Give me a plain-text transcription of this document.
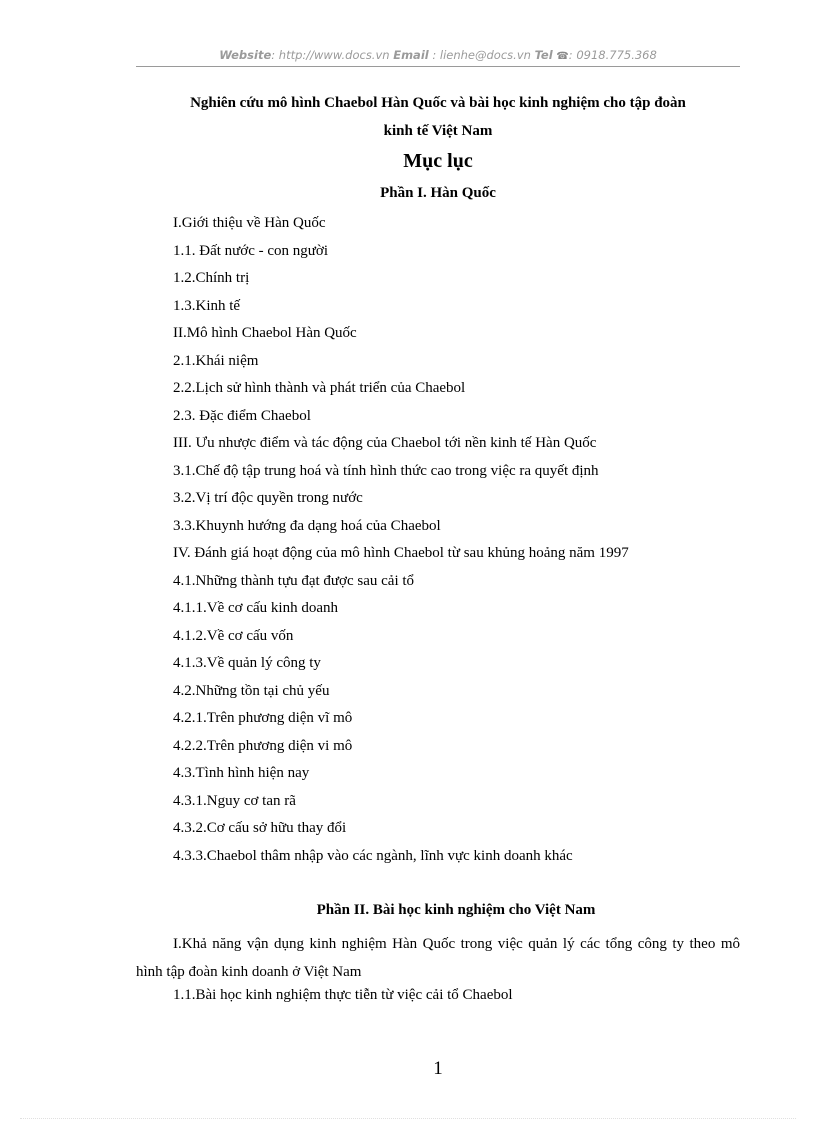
Website: http://www.docs.vn Email : lienhe@docs.vn Tel ☎: 0918.775.368
Nghiên cứu mô hình Chaebol Hàn Quốc và bài học kinh nghiệm cho tập đoàn
kinh tế Việt Nam
Mục lục
Phần I. Hàn Quốc
I.Giới thiệu về Hàn Quốc
1.1. Đất nước - con người
1.2.Chính trị
1.3.Kinh tế
II.Mô hình Chaebol Hàn Quốc
2.1.Khái niệm
2.2.Lịch sử hình thành và phát triển của Chaebol
2.3. Đặc điểm Chaebol
III. Ưu nhược điểm và tác động của Chaebol tới nền kinh tế Hàn Quốc
3.1.Chế độ tập trung hoá và tính hình thức cao trong việc ra quyết định
3.2.Vị trí độc quyền trong nước
3.3.Khuynh hướng đa dạng hoá của Chaebol
IV. Đánh giá hoạt động của mô hình Chaebol từ sau khủng hoảng năm 1997
4.1.Những thành tựu đạt được sau cải tổ
4.1.1.Về cơ cấu kinh doanh
4.1.2.Về cơ cấu vốn
4.1.3.Về quản lý công ty
4.2.Những tồn tại chủ yếu
4.2.1.Trên phương diện vĩ mô
4.2.2.Trên phương diện vi mô
4.3.Tình hình hiện nay
4.3.1.Nguy cơ tan rã
4.3.2.Cơ cấu sở hữu thay đổi
4.3.3.Chaebol thâm nhập vào các ngành, lĩnh vực kinh doanh khác
Phần II. Bài học kinh nghiệm cho Việt Nam
I.Khả năng vận dụng kinh nghiệm Hàn Quốc trong việc quản lý các tổng công ty theo mô hình tập đoàn kinh doanh ở Việt Nam
1.1.Bài học kinh nghiệm thực tiễn từ việc cải tổ Chaebol
1
